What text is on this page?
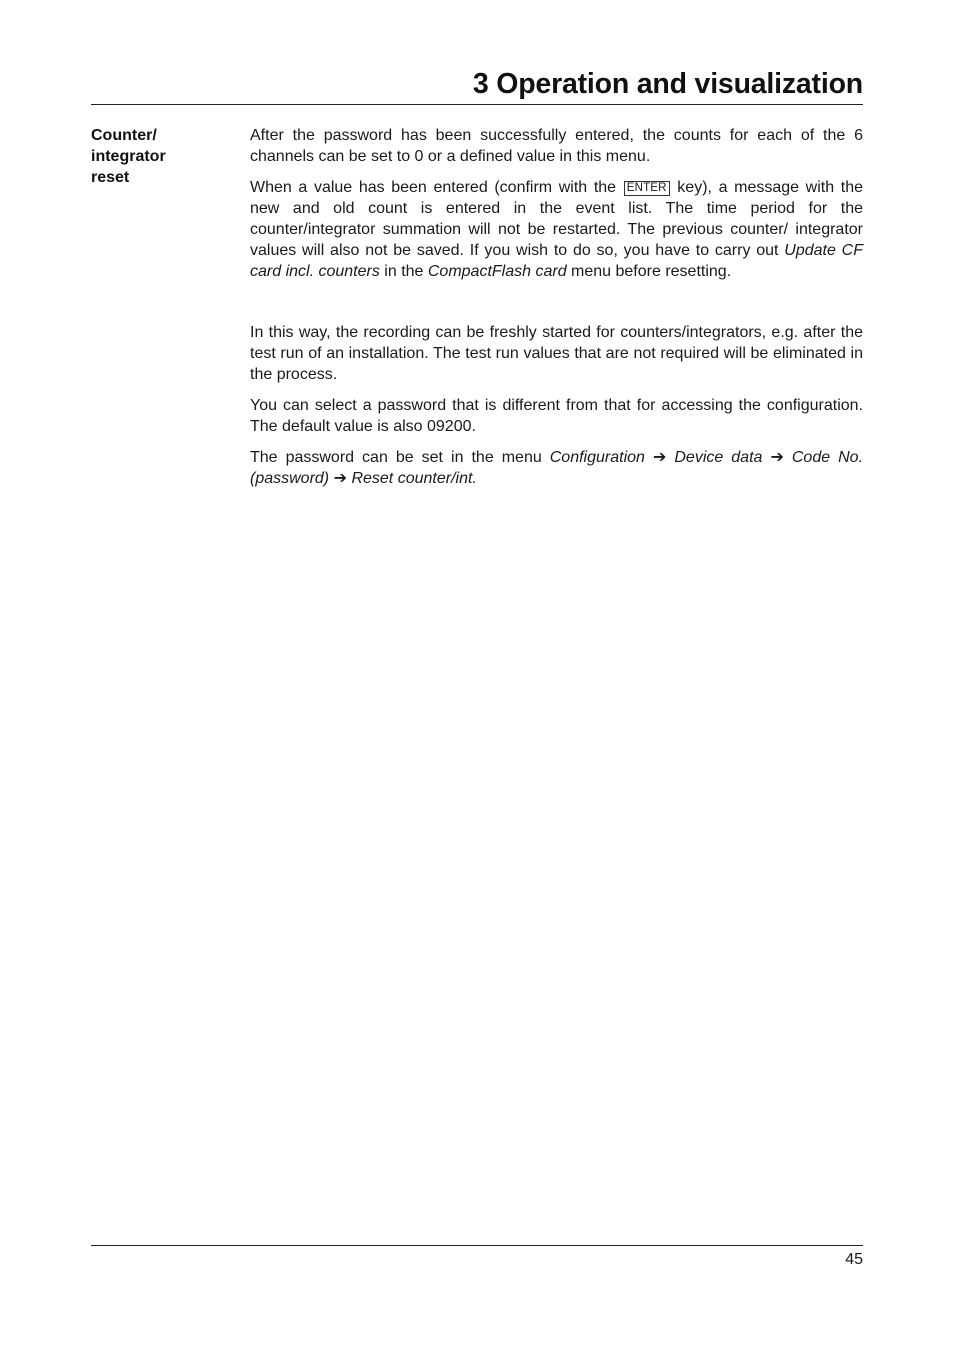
3 Operation and visualization
Counter/
integrator
reset

After the password has been successfully entered, the counts for each of the 6 channels can be set to 0 or a defined value in this menu.

When a value has been entered (confirm with the ENTER key), a message with the new and old count is entered in the event list. The time period for the counter/integrator summation will not be restarted. The previous counter/ integrator values will also not be saved. If you wish to do so, you have to carry out Update CF card incl. counters in the CompactFlash card menu before resetting.

In this way, the recording can be freshly started for counters/integrators, e.g. after the test run of an installation. The test run values that are not required will be eliminated in the process.

You can select a password that is different from that for accessing the configuration. The default value is also 09200.

The password can be set in the menu Configuration ➔ Device data ➔ Code No. (password) ➔ Reset counter/int.

45
